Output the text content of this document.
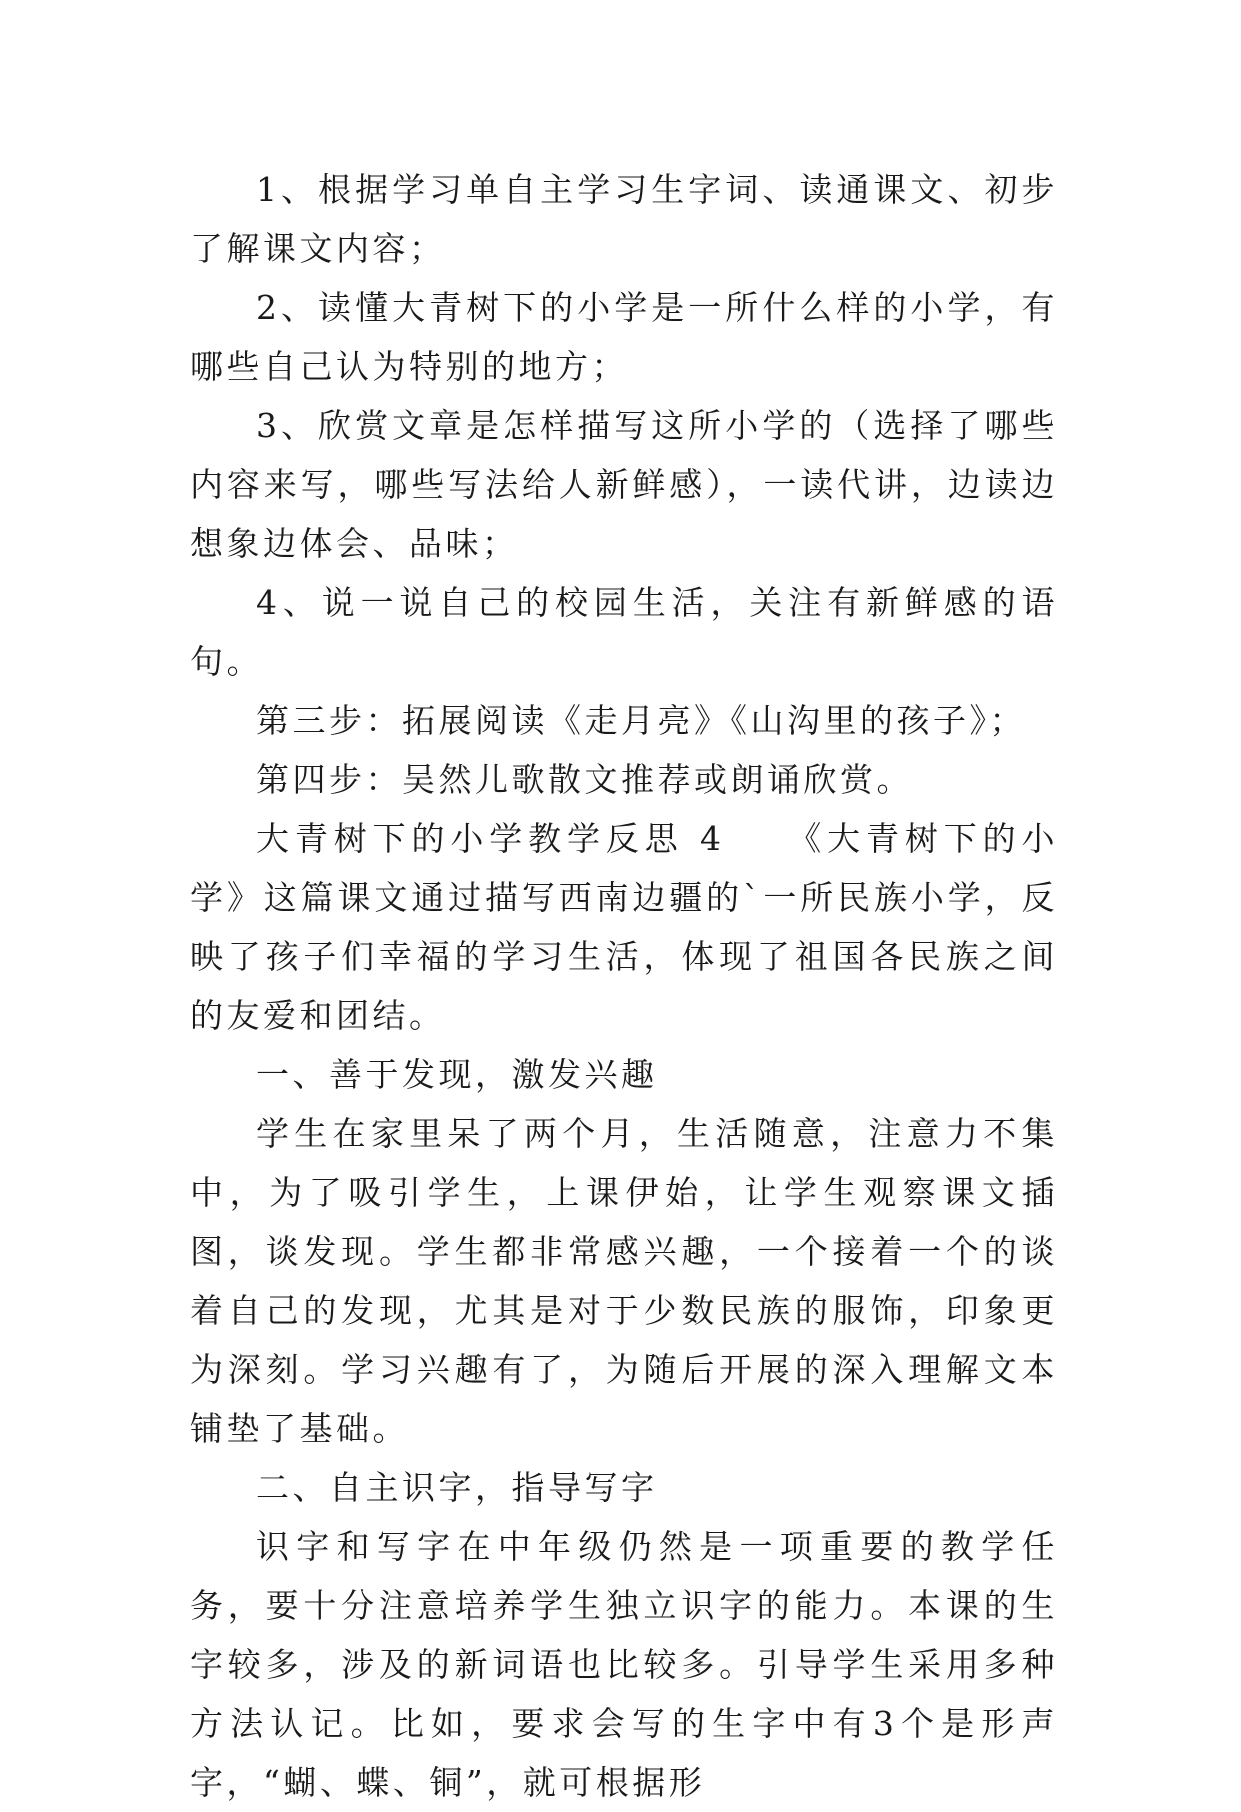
1、根据学习单自主学习生字词、读通课文、初步了解课文内容；

2、读懂大青树下的小学是一所什么样的小学，有哪些自己认为特别的地方；

3、欣赏文章是怎样描写这所小学的（选择了哪些内容来写，哪些写法给人新鲜感），一读代讲，边读边想象边体会、品味；

4、说一说自己的校园生活，关注有新鲜感的语句。

第三步：拓展阅读《走月亮》《山沟里的孩子》；

第四步：吴然儿歌散文推荐或朗诵欣赏。

大青树下的小学教学反思 4　　《大青树下的小学》这篇课文通过描写西南边疆的`一所民族小学，反映了孩子们幸福的学习生活，体现了祖国各民族之间的友爱和团结。

一、善于发现，激发兴趣

学生在家里呆了两个月，生活随意，注意力不集中，为了吸引学生，上课伊始，让学生观察课文插图，谈发现。学生都非常感兴趣，一个接着一个的谈着自己的发现，尤其是对于少数民族的服饰，印象更为深刻。学习兴趣有了，为随后开展的深入理解文本铺垫了基础。

二、自主识字，指导写字

识字和写字在中年级仍然是一项重要的教学任务，要十分注意培养学生独立识字的能力。本课的生字较多，涉及的新词语也比较多。引导学生采用多种方法认记。比如，要求会写的生字中有3个是形声字，“蝴、蝶、铜”，就可根据形
